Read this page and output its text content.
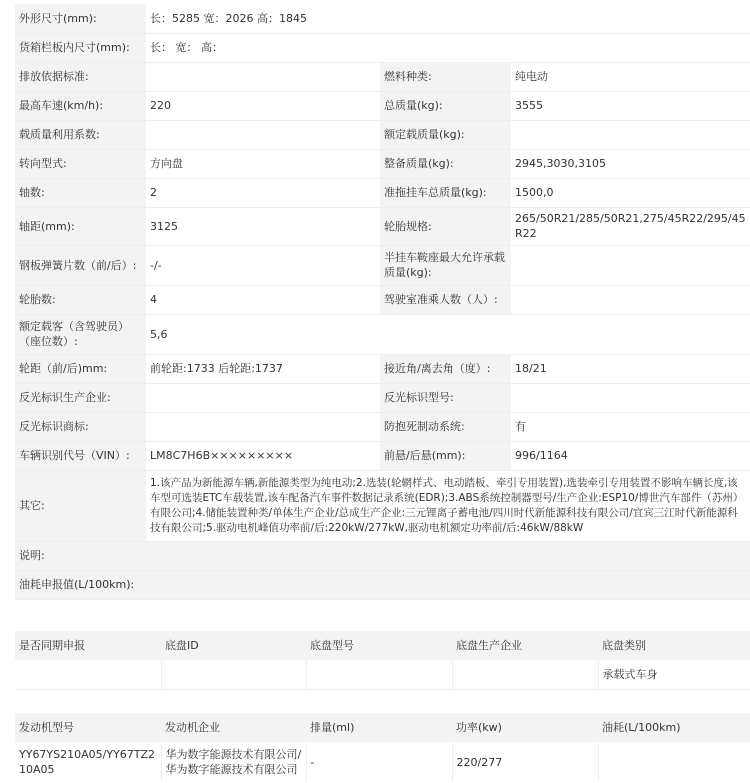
外形尺寸(mm):	长：5285 宽：2026 高：1845		
货箱栏板内尺寸(mm):	长： 宽： 高：		
排放依据标准:		燃料种类:	纯电动
最高车速(km/h):	220	总质量(kg):	3555
载质量利用系数:		额定载质量(kg):	
转向型式:	方向盘	整备质量(kg):	2945,3030,3105
轴数:	2	准拖挂车总质量(kg):	1500,0
轴距(mm):	3125	轮胎规格:	265/50R21/285/50R21,275/45R22/295/45R22
钢板弹簧片数（前/后）:	-/-	半挂车鞍座最大允许承载质量(kg):	
轮胎数:	4	驾驶室准乘人数（人）:	
额定载客（含驾驶员）（座位数）:	5,6		
轮距（前/后)mm:	前轮距:1733 后轮距:1737	接近角/离去角（度）:	18/21
反光标识生产企业:		反光标识型号:	
反光标识商标:		防抱死制动系统:	有
车辆识别代号（VIN）:	LM8C7H6B×××××××××	前悬/后悬(mm):	996/1164
其它:	1.该产品为新能源车辆,新能源类型为纯电动;2.选装(轮辋样式、电动踏板、牵引专用装置),选装牵引专用装置不影响车辆长度,该车型可选装ETC车载装置,该车配备汽车事件数据记录系统(EDR);3.ABS系统控制器型号/生产企业:ESP10/博世汽车部件（苏州）有限公司;4.储能装置种类/单体生产企业/总成生产企业:三元锂离子蓄电池/四川时代新能源科技有限公司/宜宾三江时代新能源科技有限公司;5.驱动电机峰值功率前/后:220kW/277kW,驱动电机额定功率前/后:46kW/88kW		
说明:			
油耗申报值(L/100km):			
是否同期申报	底盘ID	底盘型号	底盘生产企业	底盘类别
				承载式车身
发动机型号	发动机企业	排量(ml)	功率(kw)	油耗(L/100km)
YY67YS210A05/YY67TZ210A05	华为数字能源技术有限公司/华为数字能源技术有限公司	-	220/277	
